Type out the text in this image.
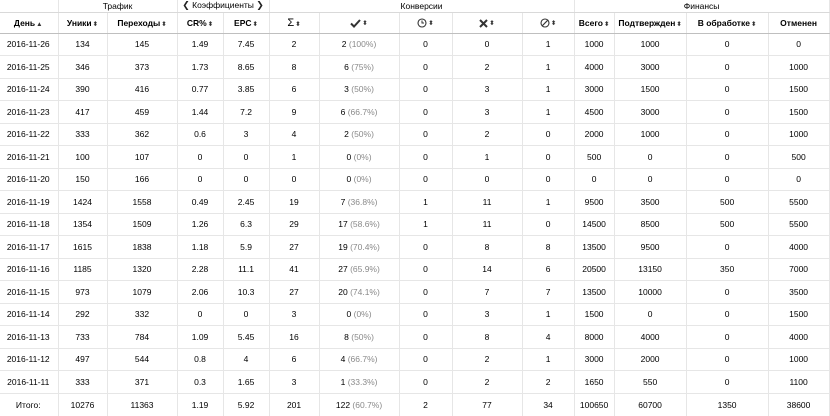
	Трафик		❮ Коэффициенты ❯		Конверсии					Финансы			
День▲︎	Уники⬍	Переходы⬍	CR%⬍	EPC⬍	Σ⬍	⬍	⬍	⬍	⬍	Всего⬍	Подтвержден⬍	В обработке⬍	Отменен
2016-11-26	134	145	1.49	7.45	2	2 (100%)	0	0	1	1000	1000	0	0
2016-11-25	346	373	1.73	8.65	8	6 (75%)	0	2	1	4000	3000	0	1000
2016-11-24	390	416	0.77	3.85	6	3 (50%)	0	3	1	3000	1500	0	1500
2016-11-23	417	459	1.44	7.2	9	6 (66.7%)	0	3	1	4500	3000	0	1500
2016-11-22	333	362	0.6	3	4	2 (50%)	0	2	0	2000	1000	0	1000
2016-11-21	100	107	0	0	1	0 (0%)	0	1	0	500	0	0	500
2016-11-20	150	166	0	0	0	0 (0%)	0	0	0	0	0	0	0
2016-11-19	1424	1558	0.49	2.45	19	7 (36.8%)	1	11	1	9500	3500	500	5500
2016-11-18	1354	1509	1.26	6.3	29	17 (58.6%)	1	11	0	14500	8500	500	5500
2016-11-17	1615	1838	1.18	5.9	27	19 (70.4%)	0	8	8	13500	9500	0	4000
2016-11-16	1185	1320	2.28	11.1	41	27 (65.9%)	0	14	6	20500	13150	350	7000
2016-11-15	973	1079	2.06	10.3	27	20 (74.1%)	0	7	7	13500	10000	0	3500
2016-11-14	292	332	0	0	3	0 (0%)	0	3	1	1500	0	0	1500
2016-11-13	733	784	1.09	5.45	16	8 (50%)	0	8	4	8000	4000	0	4000
2016-11-12	497	544	0.8	4	6	4 (66.7%)	0	2	1	3000	2000	0	1000
2016-11-11	333	371	0.3	1.65	3	1 (33.3%)	0	2	2	1650	550	0	1100
Итого:	10276	11363	1.19	5.92	201	122 (60.7%)	2	77	34	100650	60700	1350	38600
